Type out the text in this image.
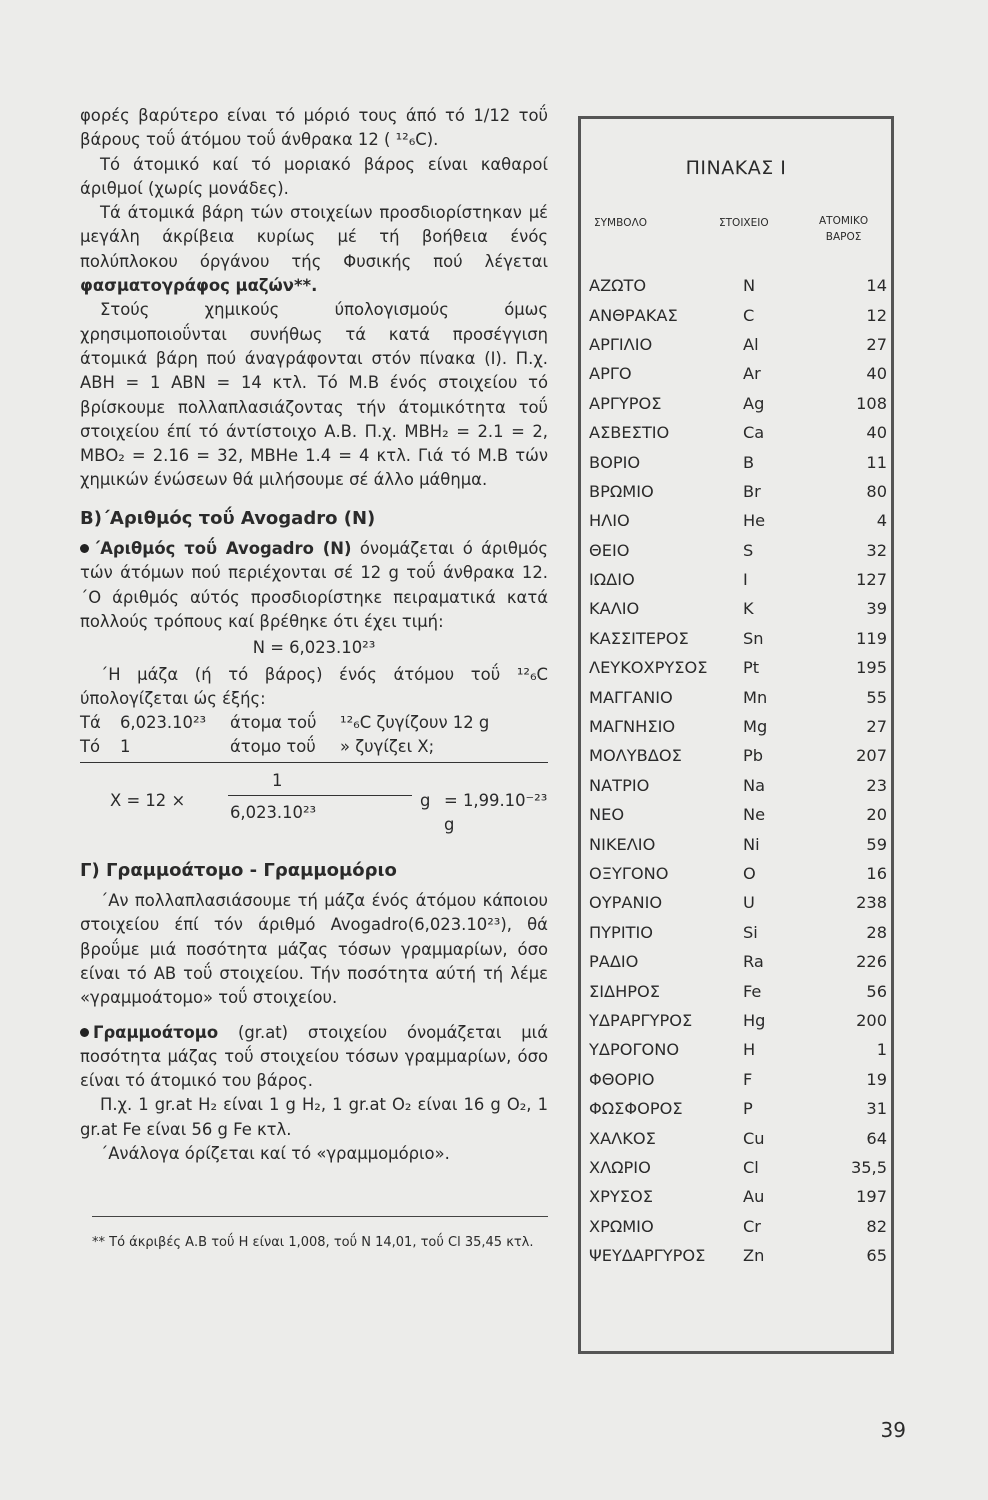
φορές βαρύτερο είναι τό μόριό τους άπό τό 1/12 τοΰ βάρους τοΰ άτόμου τοΰ άνθρακα 12 ( ¹²₆C).

Τό άτομικό καί τό μοριακό βάρος είναι καθαροί άριθμοί (χωρίς μονάδες).

Τά άτομικά βάρη τών στοιχείων προσδιορίστηκαν μέ μεγάλη άκρίβεια κυρίως μέ τή βοήθεια ένός πολύπλοκου όργάνου τής Φυσικής πού λέγεται φασματογράφος μαζών**.

Στούς χημικούς ύπολογισμούς όμως χρησιμοποιοΰνται συνήθως τά κατά προσέγγιση άτομικά βάρη πού άναγράφονται στόν πίνακα (Ι). Π.χ. ΑΒΗ = 1 ΑΒΝ = 14 κτλ. Τό Μ.Β ένός στοιχείου τό βρίσκουμε πολλαπλασιάζοντας τήν άτομικότητα τοΰ στοιχείου έπί τό άντίστοιχο Α.Β. Π.χ. ΜΒΗ₂ = 2.1 = 2, ΜΒΟ₂ = 2.16 = 32, ΜΒΗe 1.4 = 4 κτλ. Γιά τό Μ.Β τών χημικών ένώσεων θά μιλήσουμε σέ άλλο μάθημα.

Β)΄Αριθμός τοΰ Avogadro (N)

΄Αριθμός τοΰ Avogadro (N) όνομάζεται ό άριθμός τών άτόμων πού περιέχονται σέ 12 g τοΰ άνθρακα 12. ΄Ο άριθμός αύτός προσδιορίστηκε πειραματικά κατά πολλούς τρόπους καί βρέθηκε ότι έχει τιμή:

N = 6,023.10²³

΄Η μάζα (ή τό βάρος) ένός άτόμου τοΰ ¹²₆C ύπολογίζεται ώς έξής:

Τά	6,023.10²³	άτομα τοΰ	¹²₆C ζυγίζουν 12 g
Τό	1	άτομο τοΰ	» ζυγίζει X;
X = 12 ×
1
6,023.10²³
g = 1,99.10⁻²³ g

Γ) Γραμμοάτομο - Γραμμομόριο

΄Αν πολλαπλασιάσουμε τή μάζα ένός άτόμου κάποιου στοιχείου έπί τόν άριθμό Avogadro(6,023.10²³), θά βροΰμε μιά ποσότητα μάζας τόσων γραμμαρίων, όσο είναι τό ΑΒ τοΰ στοιχείου. Τήν ποσότητα αύτή τή λέμε «γραμμοάτομο» τοΰ στοιχείου.

Γραμμοάτομο (gr.at) στοιχείου όνομάζεται μιά ποσότητα μάζας τοΰ στοιχείου τόσων γραμμαρίων, όσο είναι τό άτομικό του βάρος.

Π.χ. 1 gr.at H₂ είναι 1 g H₂, 1 gr.at O₂ είναι 16 g O₂, 1 gr.at Fe είναι 56 g Fe κτλ.

΄Ανάλογα όρίζεται καί τό «γραμμομόριο».

** Τό άκριβές Α.Β τοΰ Η είναι 1,008, τοΰ Ν 14,01, τοΰ Cl 35,45 κτλ.

ΠΙΝΑΚΑΣ Ι
ΣΥΜΒΟΛΟ	ΣΤΟΙΧΕΙΟ	ΑΤΟΜΙΚΟ
ΒΑΡΟΣ
ΑΖΩΤΟ	N	14
ΑΝΘΡΑΚΑΣ	C	12
ΑΡΓΙΛΙΟ	Al	27
ΑΡΓΟ	Ar	40
ΑΡΓΥΡΟΣ	Ag	108
ΑΣΒΕΣΤΙΟ	Ca	40
ΒΟΡΙΟ	B	11
ΒΡΩΜΙΟ	Br	80
ΗΛΙΟ	He	4
ΘΕΙΟ	S	32
ΙΩΔΙΟ	I	127
ΚΑΛΙΟ	K	39
ΚΑΣΣΙΤΕΡΟΣ	Sn	119
ΛΕΥΚΟΧΡΥΣΟΣ	Pt	195
ΜΑΓΓΑΝΙΟ	Mn	55
ΜΑΓΝΗΣΙΟ	Mg	27
ΜΟΛΥΒΔΟΣ	Pb	207
ΝΑΤΡΙΟ	Na	23
ΝΕΟ	Ne	20
ΝΙΚΕΛΙΟ	Ni	59
ΟΞΥΓΟΝΟ	O	16
ΟΥΡΑΝΙΟ	U	238
ΠΥΡΙΤΙΟ	Si	28
ΡΑΔΙΟ	Ra	226
ΣΙΔΗΡΟΣ	Fe	56
ΥΔΡΑΡΓΥΡΟΣ	Hg	200
ΥΔΡΟΓΟΝΟ	H	1
ΦΘΟΡΙΟ	F	19
ΦΩΣΦΟΡΟΣ	P	31
ΧΑΛΚΟΣ	Cu	64
ΧΛΩΡΙΟ	Cl	35,5
ΧΡΥΣΟΣ	Au	197
ΧΡΩΜΙΟ	Cr	82
ΨΕΥΔΑΡΓΥΡΟΣ	Zn	65
39
